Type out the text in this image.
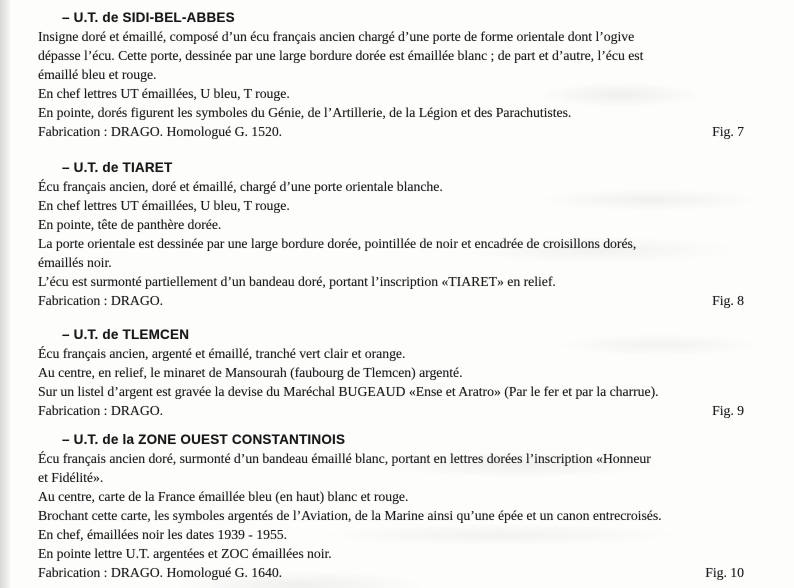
– U.T. de SIDI-BEL-ABBES
Insigne doré et émaillé, composé d’un écu français ancien chargé d’une porte de forme orientale dont l’ogive
dépasse l’écu. Cette porte, dessinée par une large bordure dorée est émaillée blanc ; de part et d’autre, l’écu est
émaillé bleu et rouge.
En chef lettres UT émaillées, U bleu, T rouge.
En pointe, dorés figurent les symboles du Génie, de l’Artillerie, de la Légion et des Parachutistes.
Fabrication : DRAGO. Homologué G. 1520.	Fig. 7
– U.T. de TIARET
Écu français ancien, doré et émaillé, chargé d’une porte orientale blanche.
En chef lettres UT émaillées, U bleu, T rouge.
En pointe, tête de panthère dorée.
La porte orientale est dessinée par une large bordure dorée, pointillée de noir et encadrée de croisillons dorés,
émaillés noir.
L’écu est surmonté partiellement d’un bandeau doré, portant l’inscription «TIARET» en relief.
Fabrication : DRAGO.	Fig. 8
– U.T. de TLEMCEN
Écu français ancien, argenté et émaillé, tranché vert clair et orange.
Au centre, en relief, le minaret de Mansourah (faubourg de Tlemcen) argenté.
Sur un listel d’argent est gravée la devise du Maréchal BUGEAUD «Ense et Aratro» (Par le fer et par la charrue).
Fabrication : DRAGO.	Fig. 9
– U.T. de la ZONE OUEST CONSTANTINOIS
Écu français ancien doré, surmonté d’un bandeau émaillé blanc, portant en lettres dorées l’inscription «Honneur
et Fidélité».
Au centre, carte de la France émaillée bleu (en haut) blanc et rouge.
Brochant cette carte, les symboles argentés de l’Aviation, de la Marine ainsi qu’une épée et un canon entrecroisés.
En chef, émaillées noir les dates 1939 - 1955.
En pointe lettre U.T. argentées et ZOC émaillées noir.
Fabrication : DRAGO. Homologué G. 1640.	Fig. 10
